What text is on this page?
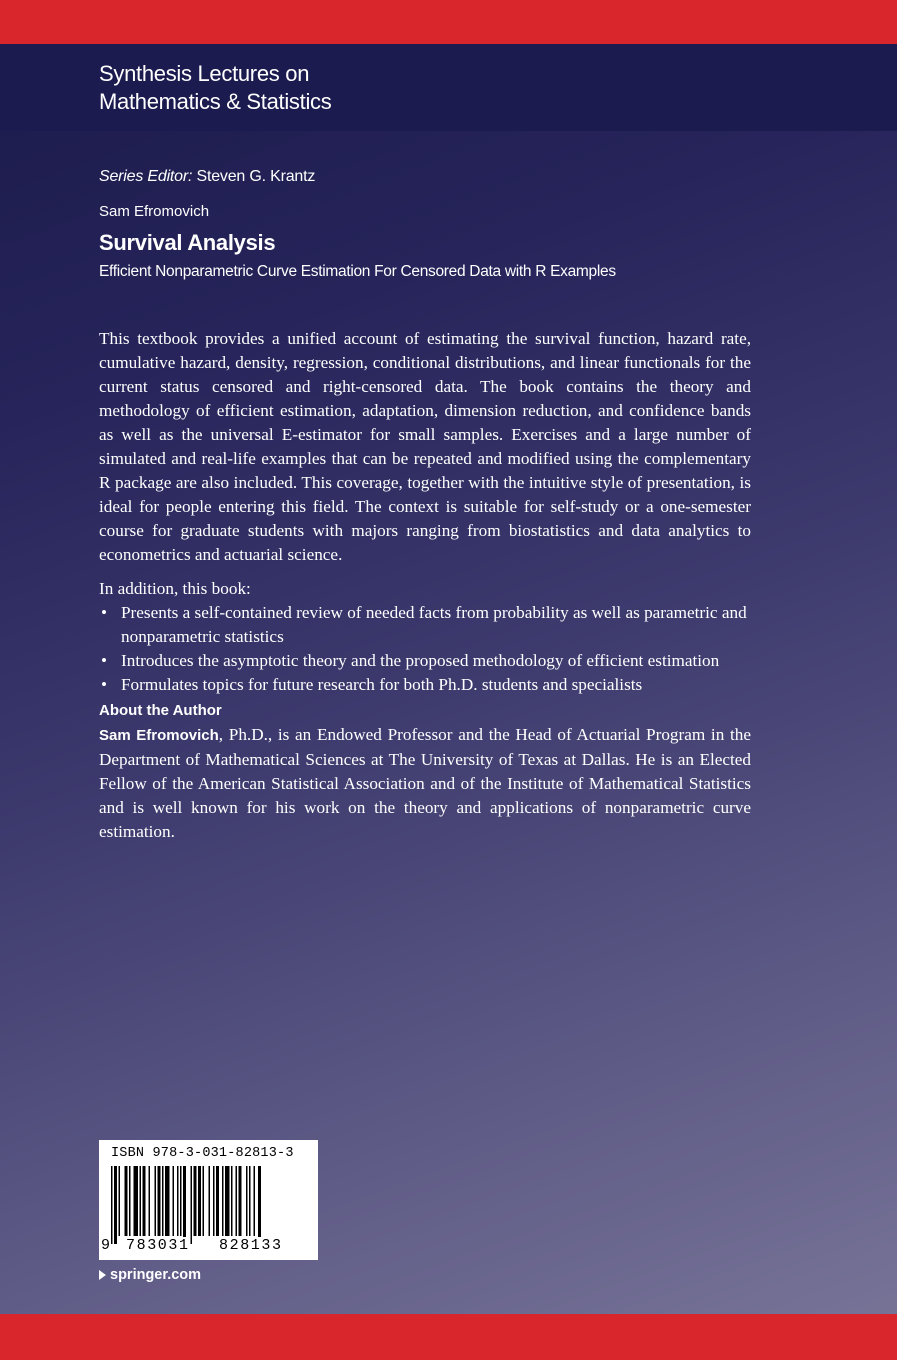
Synthesis Lectures on
Mathematics & Statistics
Series Editor: Steven G. Krantz
Sam Efromovich
Survival Analysis
Efficient Nonparametric Curve Estimation For Censored Data with R Examples

This textbook provides a unified account of estimating the survival function, hazard rate, cumulative hazard, density, regression, conditional distributions, and linear functionals for the current status censored and right-censored data. The book contains the theory and methodology of efficient estimation, adaptation, dimension reduction, and confidence bands as well as the universal E-estimator for small samples. Exercises and a large number of simulated and real-life examples that can be repeated and modified using the complementary R package are also included. This coverage, together with the intuitive style of presentation, is ideal for people entering this field. The context is suitable for self-study or a one-semester course for graduate students with majors ranging from biostatistics and data analytics to econometrics and actuarial science.

In addition, this book:

• Presents a self-contained review of needed facts from probability as well as parametric and nonparametric statistics
• Introduces the asymptotic theory and the proposed methodology of efficient estimation
• Formulates topics for future research for both Ph.D. students and specialists

About the Author

Sam Efromovich, Ph.D., is an Endowed Professor and the Head of Actuarial Program in the Department of Mathematical Sciences at The University of Texas at Dallas. He is an Elected Fellow of the American Statistical Association and of the Institute of Mathematical Statistics and is well known for his work on the theory and applications of nonparametric curve estimation.

ISBN 978-3-031-82813-3
9 783031 828133
springer.com
